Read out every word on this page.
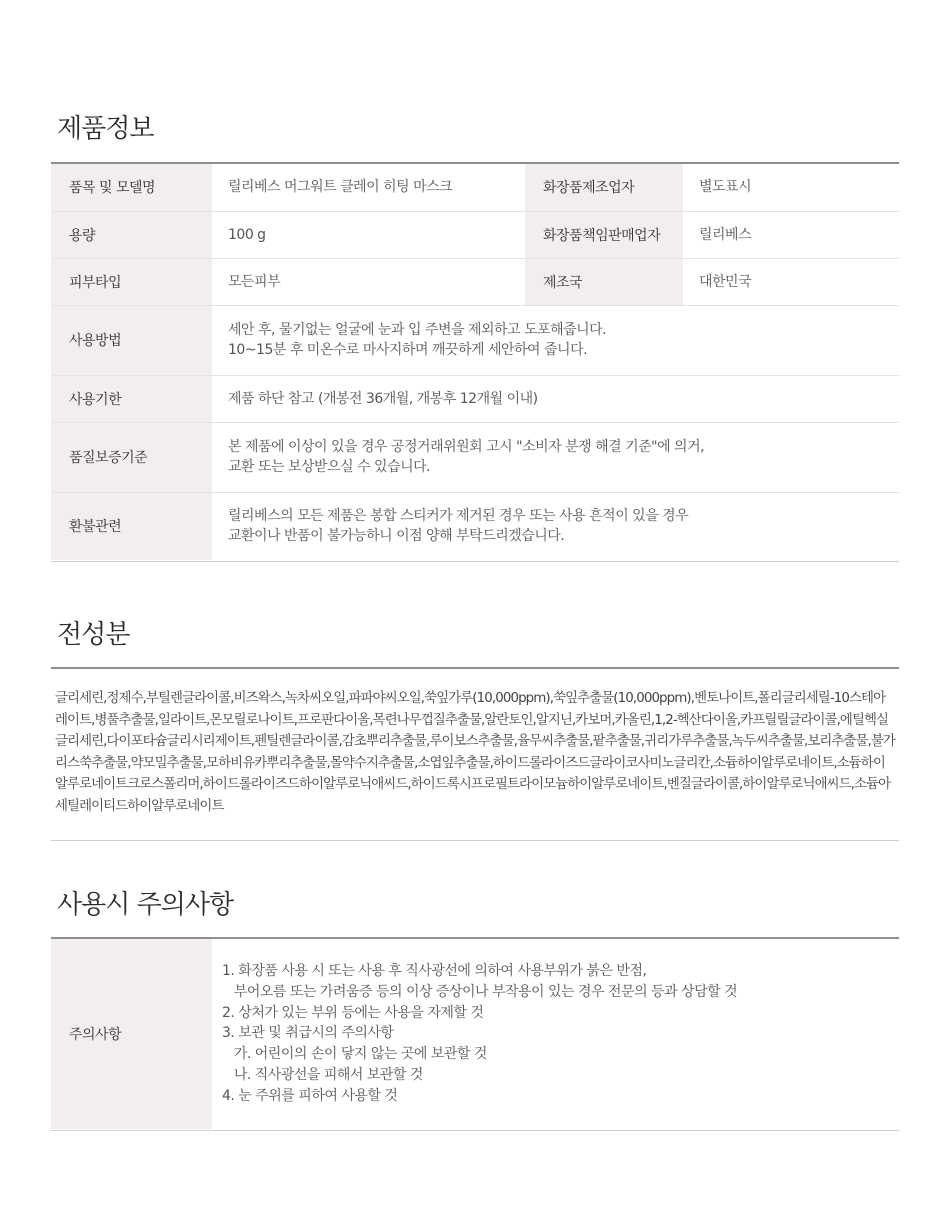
제품정보
품목 및 모델명	릴리베스 머그워트 클레이 히팅 마스크	화장품제조업자	별도표시
용량	100 g	화장품책임판매업자	릴리베스
피부타입	모든피부	제조국	대한민국
사용방법	세안 후, 물기없는 얼굴에 눈과 입 주변을 제외하고 도포해줍니다.
10~15분 후 미온수로 마사지하며 깨끗하게 세안하여 줍니다.		

사용기한	제품 하단 참고 (개봉전 36개월, 개봉후 12개월 이내)		

품질보증기준	본 제품에 이상이 있을 경우 공정거래위원회 고시 "소비자 분쟁 해결 기준"에 의거,
교환 또는 보상받으실 수 있습니다.		

환불관련	릴리베스의 모든 제품은 봉합 스티커가 제거된 경우 또는 사용 흔적이 있을 경우
교환이나 반품이 불가능하니 이점 양해 부탁드리겠습니다.		
전성분

글리세린,정제수,부틸렌글라이콜,비즈왁스,녹차씨오일,파파야씨오일,쑥잎가루(10,000ppm),쑥잎추출물(10,000ppm),벤토나이트,폴리글리세릴-10스테아레이트,병풀추출물,일라이트,몬모릴로나이트,프로판다이올,목련나무껍질추출물,알란토인,알지닌,카보머,카올린,1,2-헥산다이올,카프릴릴글라이콜,에틸헥실글리세린,다이포타슘글리시리제이트,펜틸렌글라이콜,감초뿌리추출물,루이보스추출물,율무씨추출물,팥추출물,귀리가루추출물,녹두씨추출물,보리추출물,불가리스쑥추출물,약모밀추출물,모하비유카뿌리추출물,몰약수지추출물,소엽잎추출물,하이드롤라이즈드글라이코사미노글리칸,소듐하이알루로네이트,소듐하이알루로네이트크로스폴리머,하이드롤라이즈드하이알루로닉애씨드,하이드록시프로필트라이모늄하이알루로네이트,벤질글라이콜,하이알루로닉애씨드,소듐아세틸레이티드하이알루로네이트

사용시 주의사항
주의사항
1. 화장품 사용 시 또는 사용 후 직사광선에 의하여 사용부위가 붉은 반점,
부어오름 또는 가려움증 등의 이상 증상이나 부작용이 있는 경우 전문의 등과 상담할 것
2. 상처가 있는 부위 등에는 사용을 자제할 것
3. 보관 및 취급시의 주의사항
가. 어린이의 손이 닿지 않는 곳에 보관할 것
나. 직사광선을 피해서 보관할 것
4. 눈 주위를 피하여 사용할 것
